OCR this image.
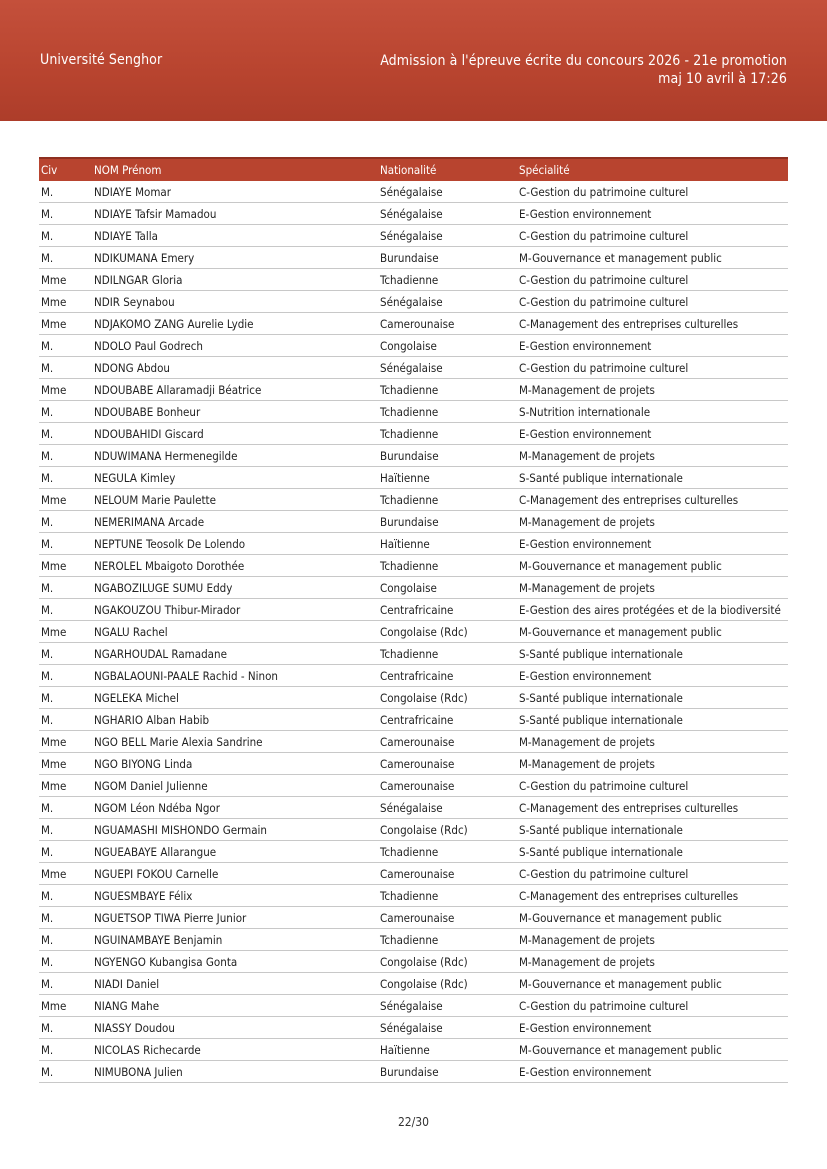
Université Senghor	Admission à l'épreuve écrite du concours 2026 - 21e promotion
maj 10 avril à 17:26
Civ	NOM Prénom	Nationalité	Spécialité
M.	NDIAYE Momar	Sénégalaise	C-Gestion du patrimoine culturel
M.	NDIAYE Tafsir Mamadou	Sénégalaise	E-Gestion environnement
M.	NDIAYE Talla	Sénégalaise	C-Gestion du patrimoine culturel
M.	NDIKUMANA Emery	Burundaise	M-Gouvernance et management public
Mme	NDILNGAR Gloria	Tchadienne	C-Gestion du patrimoine culturel
Mme	NDIR Seynabou	Sénégalaise	C-Gestion du patrimoine culturel
Mme	NDJAKOMO ZANG Aurelie Lydie	Camerounaise	C-Management des entreprises culturelles
M.	NDOLO Paul Godrech	Congolaise	E-Gestion environnement
M.	NDONG Abdou	Sénégalaise	C-Gestion du patrimoine culturel
Mme	NDOUBABE Allaramadji Béatrice	Tchadienne	M-Management de projets
M.	NDOUBABE Bonheur	Tchadienne	S-Nutrition internationale
M.	NDOUBAHIDI Giscard	Tchadienne	E-Gestion environnement
M.	NDUWIMANA Hermenegilde	Burundaise	M-Management de projets
M.	NEGULA Kimley	Haïtienne	S-Santé publique internationale
Mme	NELOUM Marie Paulette	Tchadienne	C-Management des entreprises culturelles
M.	NEMERIMANA Arcade	Burundaise	M-Management de projets
M.	NEPTUNE Teosolk De Lolendo	Haïtienne	E-Gestion environnement
Mme	NEROLEL Mbaigoto Dorothée	Tchadienne	M-Gouvernance et management public
M.	NGABOZILUGE SUMU Eddy	Congolaise	M-Management de projets
M.	NGAKOUZOU Thibur-Mirador	Centrafricaine	E-Gestion des aires protégées et de la biodiversité
Mme	NGALU Rachel	Congolaise (Rdc)	M-Gouvernance et management public
M.	NGARHOUDAL Ramadane	Tchadienne	S-Santé publique internationale
M.	NGBALAOUNI-PAALE Rachid - Ninon	Centrafricaine	E-Gestion environnement
M.	NGELEKA Michel	Congolaise (Rdc)	S-Santé publique internationale
M.	NGHARIO Alban Habib	Centrafricaine	S-Santé publique internationale
Mme	NGO BELL Marie Alexia Sandrine	Camerounaise	M-Management de projets
Mme	NGO BIYONG Linda	Camerounaise	M-Management de projets
Mme	NGOM Daniel Julienne	Camerounaise	C-Gestion du patrimoine culturel
M.	NGOM Léon Ndéba Ngor	Sénégalaise	C-Management des entreprises culturelles
M.	NGUAMASHI MISHONDO Germain	Congolaise (Rdc)	S-Santé publique internationale
M.	NGUEABAYE Allarangue	Tchadienne	S-Santé publique internationale
Mme	NGUEPI FOKOU Carnelle	Camerounaise	C-Gestion du patrimoine culturel
M.	NGUESMBAYE Félix	Tchadienne	C-Management des entreprises culturelles
M.	NGUETSOP TIWA Pierre Junior	Camerounaise	M-Gouvernance et management public
M.	NGUINAMBAYE Benjamin	Tchadienne	M-Management de projets
M.	NGYENGO Kubangisa Gonta	Congolaise (Rdc)	M-Management de projets
M.	NIADI Daniel	Congolaise (Rdc)	M-Gouvernance et management public
Mme	NIANG Mahe	Sénégalaise	C-Gestion du patrimoine culturel
M.	NIASSY Doudou	Sénégalaise	E-Gestion environnement
M.	NICOLAS Richecarde	Haïtienne	M-Gouvernance et management public
M.	NIMUBONA Julien	Burundaise	E-Gestion environnement
22/30
